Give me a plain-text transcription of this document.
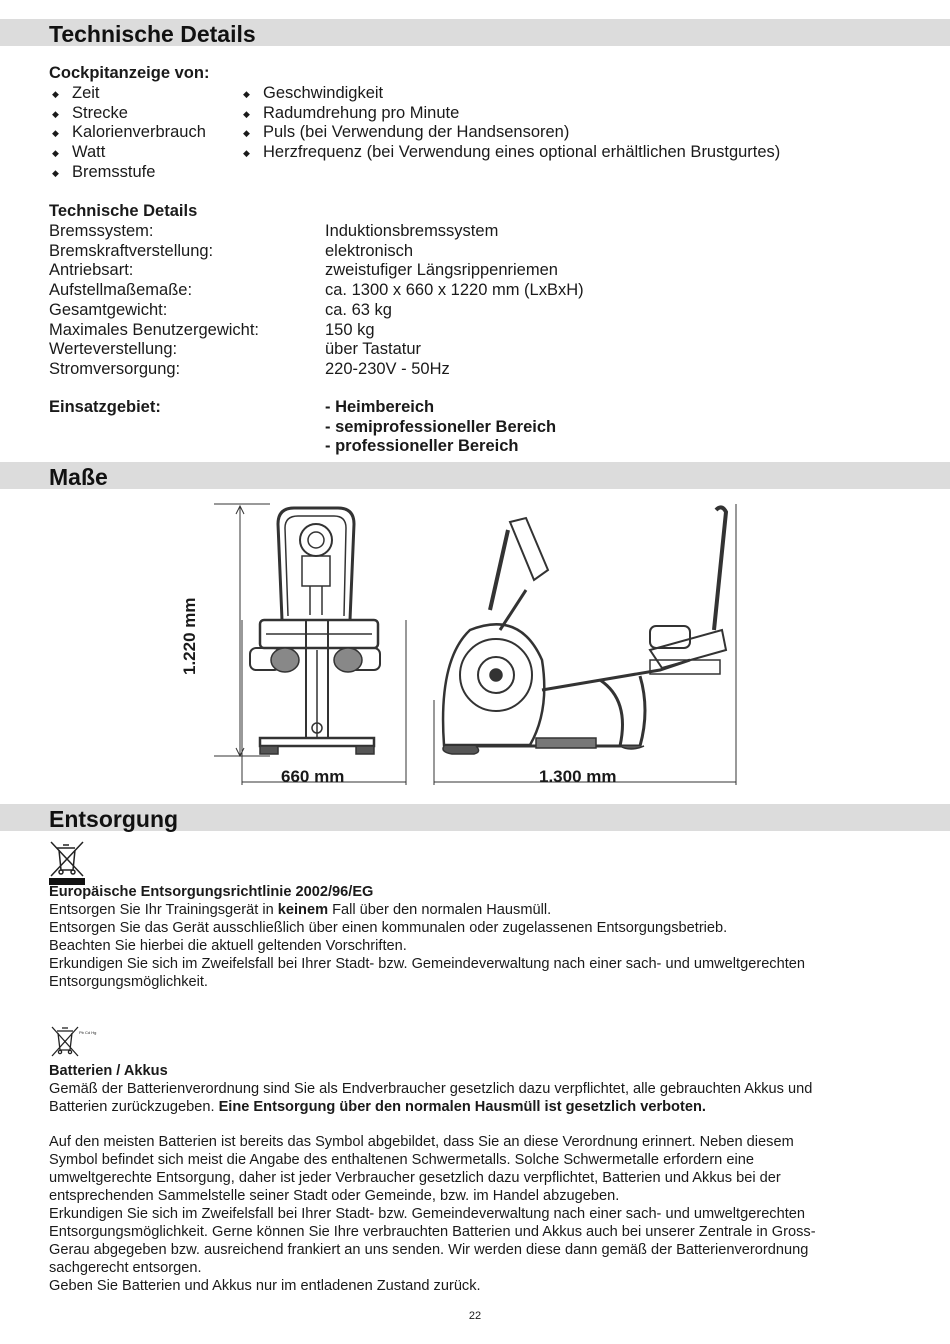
Technische Details
Cockpitanzeige von:
◆ Zeit
◆ Strecke
◆ Kalorienverbrauch
◆ Watt
◆ Bremsstufe
◆ Geschwindigkeit
◆ Radumdrehung pro Minute
◆ Puls (bei Verwendung der Handsensoren)
◆ Herzfrequenz (bei Verwendung eines optional erhältlichen Brustgurtes)
Technische Details
Bremssystem:	Induktionsbremssystem
Bremskraftverstellung:	elektronisch
Antriebsart:	zweistufiger Längsrippenriemen
Aufstellmaßemaße:	ca. 1300 x 660 x 1220 mm (LxBxH)
Gesamtgewicht:	ca. 63 kg
Maximales Benutzergewicht:	150 kg
Werteverstellung:	über Tastatur
Stromversorgung:	220-230V - 50Hz
Einsatzgebiet:	- Heimbereich
- semiprofessioneller Bereich
- professioneller Bereich
Maße
1.220 mm
660 mm	1.300 mm
Entsorgung
Europäische Entsorgungsrichtlinie 2002/96/EG
Entsorgen Sie Ihr Trainingsgerät in keinem Fall über den normalen Hausmüll.
Entsorgen Sie das Gerät ausschließlich über einen kommunalen oder zugelassenen Entsorgungsbetrieb.
Beachten Sie hierbei die aktuell geltenden Vorschriften.
Erkundigen Sie sich im Zweifelsfall bei Ihrer Stadt- bzw. Gemeindeverwaltung nach einer sach- und umweltgerechten
Entsorgungsmöglichkeit.
Pb Cd Hg
Batterien / Akkus
Gemäß der Batterienverordnung sind Sie als Endverbraucher gesetzlich dazu verpflichtet, alle gebrauchten Akkus und
Batterien zurückzugeben. Eine Entsorgung über den normalen Hausmüll ist gesetzlich verboten.
Auf den meisten Batterien ist bereits das Symbol abgebildet, dass Sie an diese Verordnung erinnert. Neben diesem
Symbol befindet sich meist die Angabe des enthaltenen Schwermetalls. Solche Schwermetalle erfordern eine
umweltgerechte Entsorgung, daher ist jeder Verbraucher gesetzlich dazu verpflichtet, Batterien und Akkus bei der
entsprechenden Sammelstelle seiner Stadt oder Gemeinde, bzw. im Handel abzugeben.
Erkundigen Sie sich im Zweifelsfall bei Ihrer Stadt- bzw. Gemeindeverwaltung nach einer sach- und umweltgerechten
Entsorgungsmöglichkeit. Gerne können Sie Ihre verbrauchten Batterien und Akkus auch bei unserer Zentrale in Gross-
Gerau abgegeben bzw. ausreichend frankiert an uns senden. Wir werden diese dann gemäß der Batterienverordnung
sachgerecht entsorgen.
Geben Sie Batterien und Akkus nur im entladenen Zustand zurück.
22
